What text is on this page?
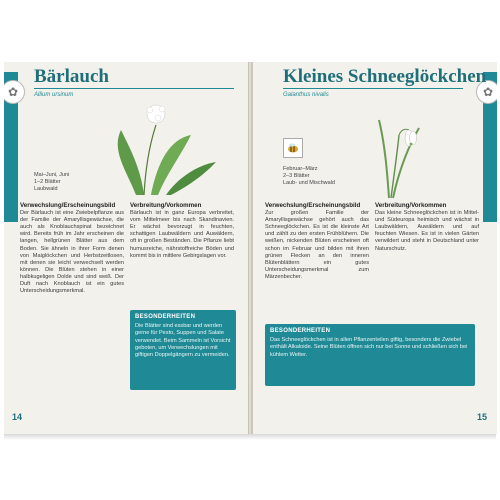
✿
Bärlauch
Allium ursinum
Mai–Juni, Juni
1–2 Blätter
Laubwald
Verwechslung/Erscheinungsbild

Der Bärlauch ist eine Zwiebelpflanze aus der Familie der Amaryllisgewächse, die auch als Knoblauchspinat bezeichnet wird. Bereits früh im Jahr erscheinen die langen, hellgrünen Blätter aus dem Boden. Sie ähneln in ihrer Form denen von Maiglöckchen und Herbstzeitlosen, mit denen sie leicht verwechselt werden können. Die Blüten stehen in einer halbkugeligen Dolde und sind weiß. Der Duft nach Knoblauch ist ein gutes Unterscheidungsmerkmal.

Verbreitung/Vorkommen

Bärlauch ist in ganz Europa verbreitet, vom Mittelmeer bis nach Skandinavien. Er wächst bevorzugt in feuchten, schattigen Laubwäldern und Auwäldern, oft in großen Beständen. Die Pflanze liebt humusreiche, nährstoffreiche Böden und kommt bis in mittlere Gebirgslagen vor.

BESONDERHEITEN
Die Blätter sind essbar und werden gerne für Pesto, Suppen und Salate verwendet. Beim Sammeln ist Vorsicht geboten, um Verwechslungen mit giftigen Doppelgängern zu vermeiden.
14
✿
Kleines Schneeglöckchen
Galanthus nivalis
Februar–März
2–3 Blätter
Laub- und Mischwald
Verwechslung/Erscheinungsbild

Zur großen Familie der Amaryllisgewächse gehört auch das Schneeglöckchen. Es ist die kleinste Art und zählt zu den ersten Frühblühern. Die weißen, nickenden Blüten erscheinen oft schon im Februar und bilden mit ihren grünen Flecken an den inneren Blütenblättern ein gutes Unterscheidungsmerkmal zum Märzenbecher.

Verbreitung/Vorkommen

Das kleine Schneeglöckchen ist in Mittel- und Südeuropa heimisch und wächst in Laubwäldern, Auwäldern und auf feuchten Wiesen. Es ist in vielen Gärten verwildert und steht in Deutschland unter Naturschutz.

BESONDERHEITEN
Das Schneeglöckchen ist in allen Pflanzenteilen giftig, besonders die Zwiebel enthält Alkaloide. Seine Blüten öffnen sich nur bei Sonne und schließen sich bei kühlem Wetter.
15
